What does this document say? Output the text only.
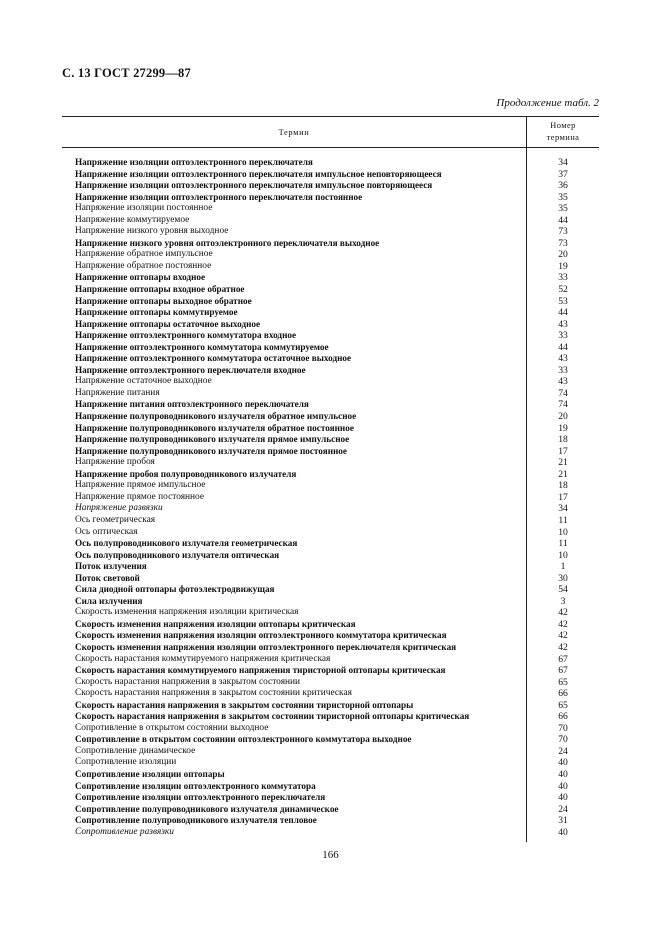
С. 13 ГОСТ 27299—87
Продолжение табл. 2
Термин
Номер
термина
Напряжение изоляции оптоэлектронного переключателя	34
Напряжение изоляции оптоэлектронного переключателя импульсное неповторяющееся	37
Напряжение изоляции оптоэлектронного переключателя импульсное повторяющееся	36
Напряжение изоляции оптоэлектронного переключателя постоянное	35
Напряжение изоляции постоянное	35
Напряжение коммутируемое	44
Напряжение низкого уровня выходное	73
Напряжение низкого уровня оптоэлектронного переключателя выходное	73
Напряжение обратное импульсное	20
Напряжение обратное постоянное	19
Напряжение оптопары входное	33
Напряжение оптопары входное обратное	52
Напряжение оптопары выходное обратное	53
Напряжение оптопары коммутируемое	44
Напряжение оптопары остаточное выходное	43
Напряжение оптоэлектронного коммутатора входное	33
Напряжение оптоэлектронного коммутатора коммутируемое	44
Напряжение оптоэлектронного коммутатора остаточное выходное	43
Напряжение оптоэлектронного переключателя входное	33
Напряжение остаточное выходное	43
Напряжение питания	74
Напряжение питания оптоэлектронного переключателя	74
Напряжение полупроводникового излучателя обратное импульсное	20
Напряжение полупроводникового излучателя обратное постоянное	19
Напряжение полупроводникового излучателя прямое импульсное	18
Напряжение полупроводникового излучателя прямое постоянное	17
Напряжение пробоя	21
Напряжение пробоя полупроводникового излучателя	21
Напряжение прямое импульсное	18
Напряжение прямое постоянное	17
Напряжение развязки	34
Ось геометрическая	11
Ось оптическая	10
Ось полупроводникового излучателя геометрическая	11
Ось полупроводникового излучателя оптическая	10
Поток излучения	1
Поток световой	30
Сила диодной оптопары фотоэлектродвижущая	54
Сила излучения	3
Скорость изменения напряжения изоляции критическая	42
Скорость изменения напряжения изоляции оптопары критическая	42
Скорость изменения напряжения изоляции оптоэлектронного коммутатора критическая	42
Скорость изменения напряжения изоляции оптоэлектронного переключателя критическая	42
Скорость нарастания коммутируемого напряжения критическая	67
Скорость нарастания коммутируемого напряжения тиристорной оптопары критическая	67
Скорость нарастания напряжения в закрытом состоянии	65
Скорость нарастания напряжения в закрытом состоянии критическая	66
Скорость нарастания напряжения в закрытом состоянии тиристорной оптопары	65
Скорость нарастания напряжения в закрытом состоянии тиристорной оптопары критическая	66
Сопротивление в открытом состоянии выходное	70
Сопротивление в открытом состоянии оптоэлектронного коммутатора выходное	70
Сопротивление динамическое	24
Сопротивление изоляции	40
Сопротивление изоляции оптопары	40
Сопротивление изоляции оптоэлектронного коммутатора	40
Сопротивление изоляции оптоэлектронного переключателя	40
Сопротивление полупроводникового излучателя динамическое	24
Сопротивление полупроводникового излучателя тепловое	31
Сопротивление развязки	40
166
